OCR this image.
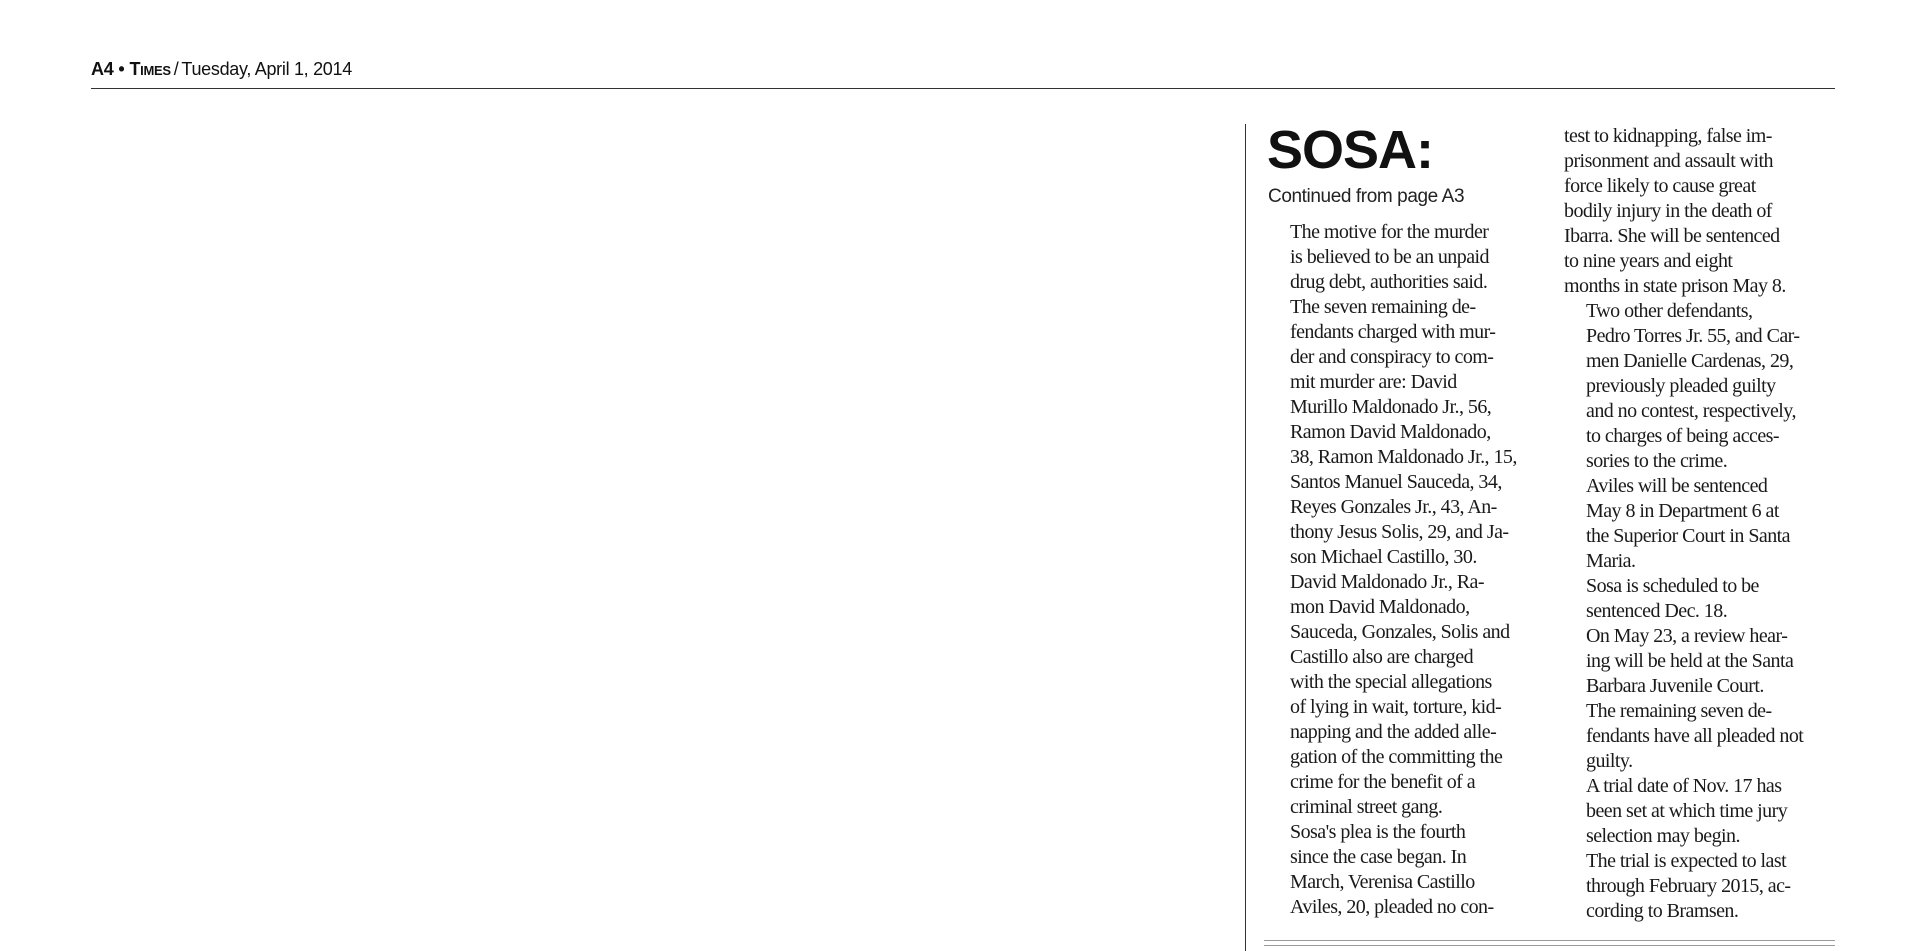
A4 • Times / Tuesday, April 1, 2014
SOSA:
Continued from page A3

The motive for the murder
is believed to be an unpaid
drug debt, authorities said.

The seven remaining de-
fendants charged with mur-
der and conspiracy to com-
mit murder are: David
Murillo Maldonado Jr., 56,
Ramon David Maldonado,
38, Ramon Maldonado Jr., 15,
Santos Manuel Sauceda, 34,
Reyes Gonzales Jr., 43, An-
thony Jesus Solis, 29, and Ja-
son Michael Castillo, 30.

David Maldonado Jr., Ra-
mon David Maldonado,
Sauceda, Gonzales, Solis and
Castillo also are charged
with the special allegations
of lying in wait, torture, kid-
napping and the added alle-
gation of the committing the
crime for the benefit of a
criminal street gang.

Sosa's plea is the fourth
since the case began. In
March, Verenisa Castillo
Aviles, 20, pleaded no con-

test to kidnapping, false im-
prisonment and assault with
force likely to cause great
bodily injury in the death of
Ibarra. She will be sentenced
to nine years and eight
months in state prison May 8.

Two other defendants,
Pedro Torres Jr. 55, and Car-
men Danielle Cardenas, 29,
previously pleaded guilty
and no contest, respectively,
to charges of being acces-
sories to the crime.

Aviles will be sentenced
May 8 in Department 6 at
the Superior Court in Santa
Maria.

Sosa is scheduled to be
sentenced Dec. 18.

On May 23, a review hear-
ing will be held at the Santa
Barbara Juvenile Court.

The remaining seven de-
fendants have all pleaded not
guilty.

A trial date of Nov. 17 has
been set at which time jury
selection may begin.

The trial is expected to last
through February 2015, ac-
cording to Bramsen.
